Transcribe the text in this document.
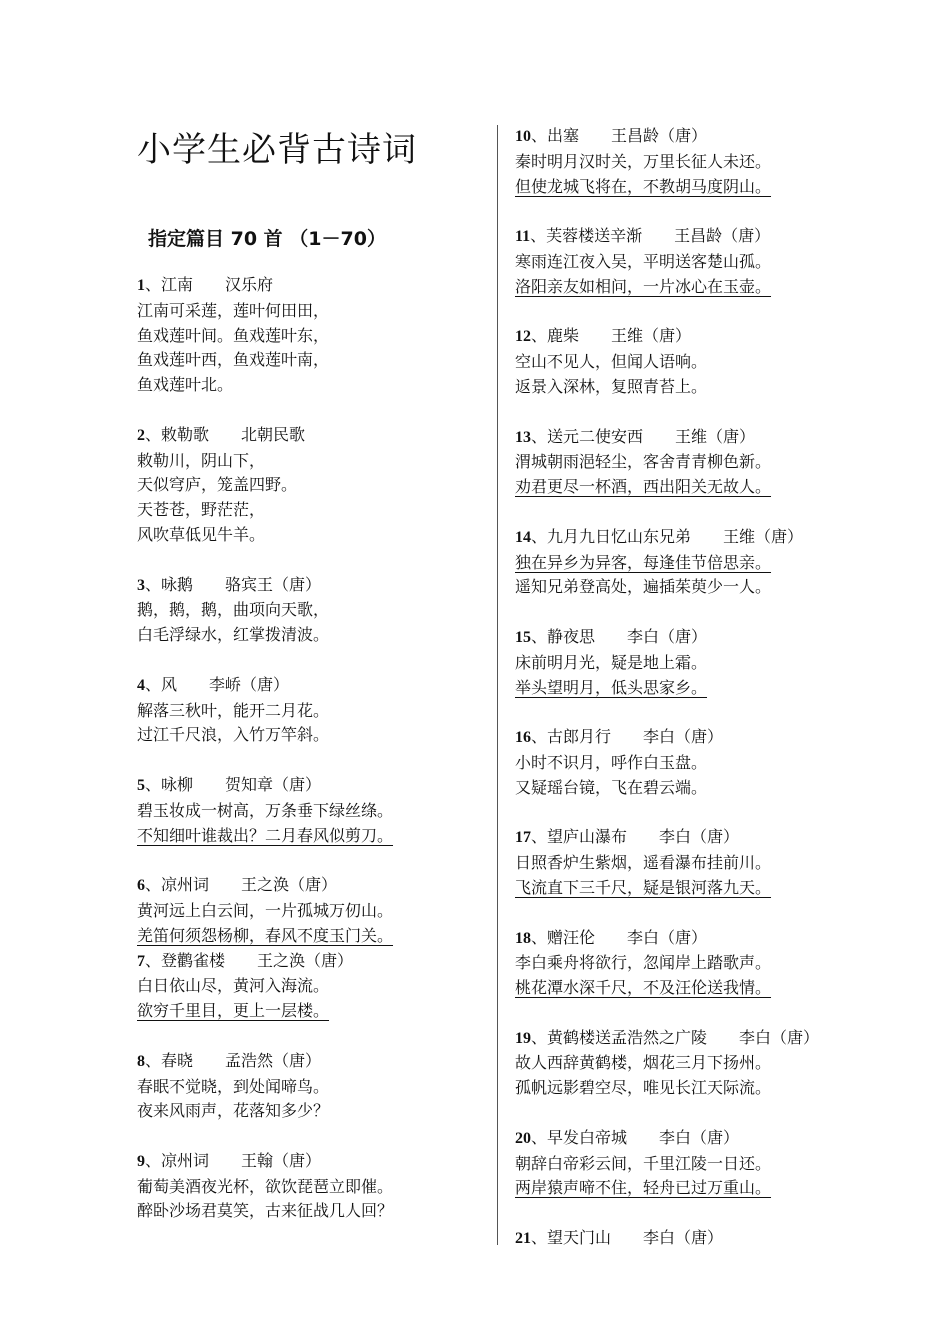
小学生必背古诗词
指定篇目 70 首 （1－70）
1、江南　　 汉乐府
江南可采莲，莲叶何田田，
鱼戏莲叶间。鱼戏莲叶东，
鱼戏莲叶西，鱼戏莲叶南，
鱼戏莲叶北。
2、敕勒歌　　 北朝民歌
敕勒川，阴山下，
天似穹庐，笼盖四野。
天苍苍，野茫茫，
风吹草低见牛羊。
3、咏鹅　　 骆宾王（唐）
鹅，鹅，鹅，曲项向天歌，
白毛浮绿水，红掌拨清波。
4、风　　 李峤（唐）
解落三秋叶，能开二月花。
过江千尺浪，入竹万竿斜。
5、咏柳　　 贺知章（唐）
碧玉妆成一树高，万条垂下绿丝绦。
不知细叶谁裁出？二月春风似剪刀。
6、凉州词　　 王之涣（唐）
黄河远上白云间，一片孤城万仞山。
羌笛何须怨杨柳，春风不度玉门关。
7、登鹳雀楼　　 王之涣（唐）
白日依山尽，黄河入海流。
欲穷千里目，更上一层楼。
8、春晓　　 孟浩然（唐）
春眠不觉晓，到处闻啼鸟。
夜来风雨声，花落知多少？
9、凉州词　　 王翰（唐）
葡萄美酒夜光杯，欲饮琵琶立即催。
醉卧沙场君莫笑，古来征战几人回？
10、出塞　　 王昌龄（唐）
秦时明月汉时关，万里长征人未还。
但使龙城飞将在，不教胡马度阴山。
11、芙蓉楼送辛渐　　 王昌龄（唐）
寒雨连江夜入吴，平明送客楚山孤。
洛阳亲友如相问，一片冰心在玉壶。
12、鹿柴　　 王维（唐）
空山不见人，但闻人语响。
返景入深林，复照青苔上。
13、送元二使安西　　 王维（唐）
渭城朝雨浥轻尘，客舍青青柳色新。
劝君更尽一杯酒，西出阳关无故人。
14、九月九日忆山东兄弟　　 王维（唐）
独在异乡为异客，每逢佳节倍思亲。
遥知兄弟登高处，遍插茱萸少一人。
15、静夜思　　 李白（唐）
床前明月光，疑是地上霜。
举头望明月，低头思家乡。
16、古郎月行　　 李白（唐）
小时不识月，呼作白玉盘。
又疑瑶台镜，飞在碧云端。
17、望庐山瀑布　　 李白（唐）
日照香炉生紫烟，遥看瀑布挂前川。
飞流直下三千尺，疑是银河落九天。
18、赠汪伦　　 李白（唐）
李白乘舟将欲行，忽闻岸上踏歌声。
桃花潭水深千尺，不及汪伦送我情。
19、黄鹤楼送孟浩然之广陵　　 李白（唐）
故人西辞黄鹤楼，烟花三月下扬州。
孤帆远影碧空尽，唯见长江天际流。
20、早发白帝城　　 李白（唐）
朝辞白帝彩云间，千里江陵一日还。
两岸猿声啼不住，轻舟已过万重山。
21、望天门山　　 李白（唐）
